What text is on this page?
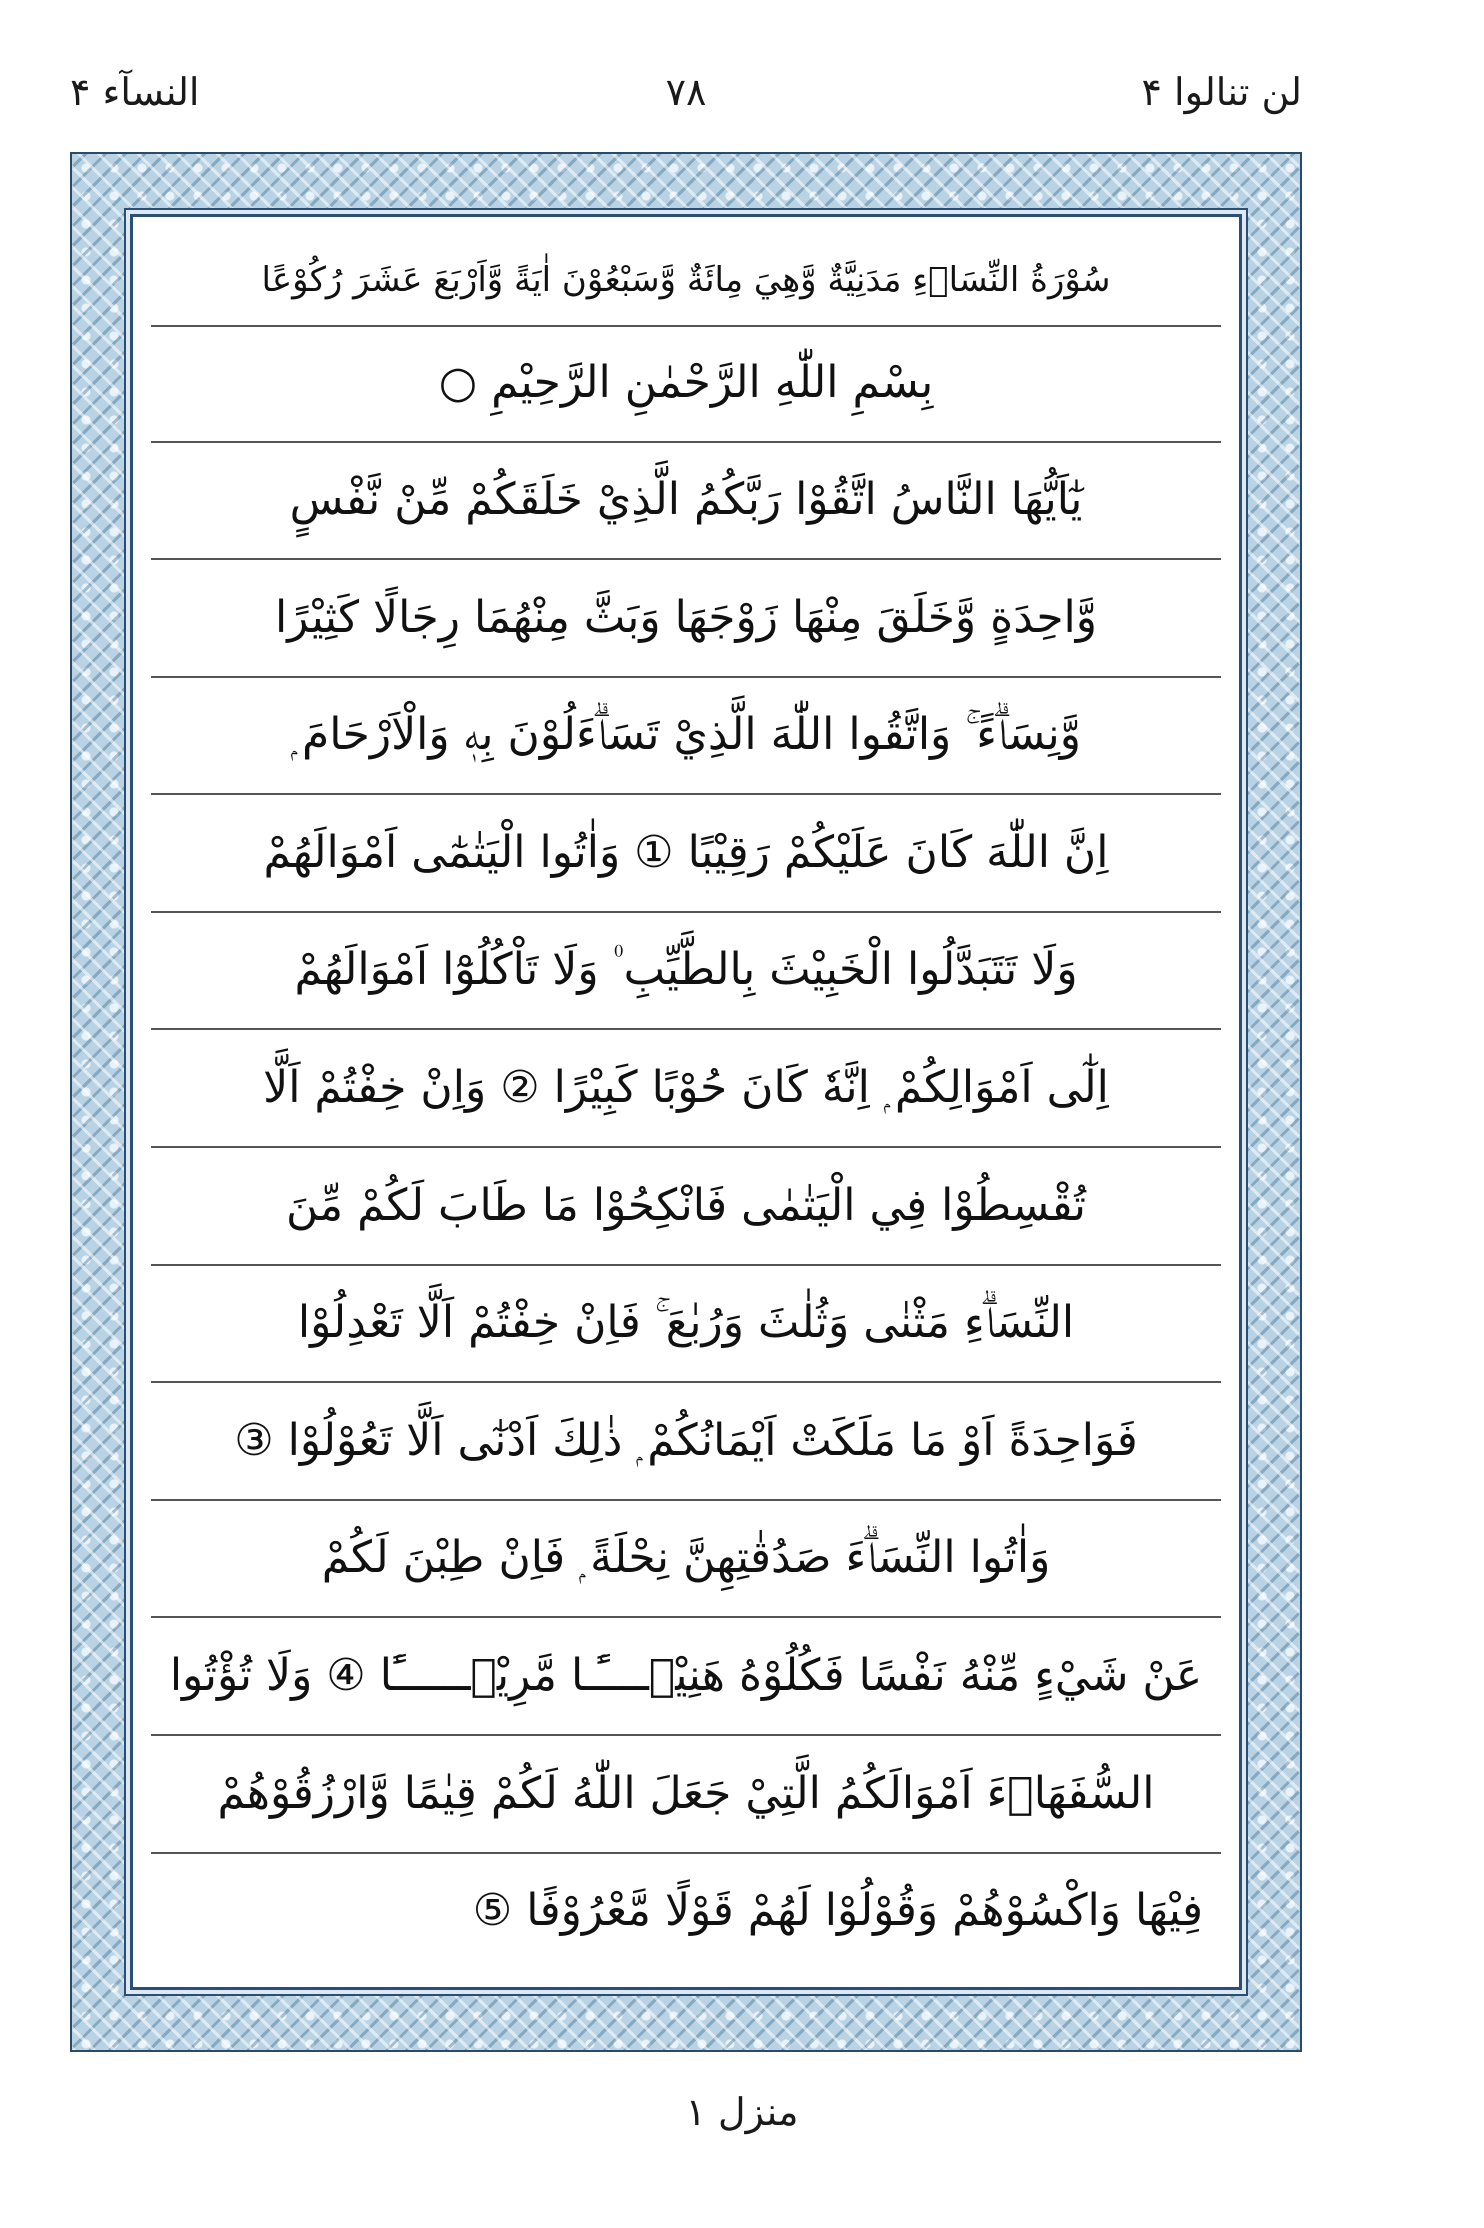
النسآء ۴	۷۸	لن تنالوا ۴
سُوْرَةُ النِّسَاۗءِ مَدَنِيَّةٌ وَّهِيَ مِائَةٌ وَّسَبْعُوْنَ اٰيَةً وَّاَرْبَعَ عَشَرَ رُكُوْعًا
بِسْمِ اللّٰهِ الرَّحْمٰنِ الرَّحِيْمِ ○
يٰٓاَيُّهَا النَّاسُ اتَّقُوْا رَبَّكُمُ الَّذِيْ خَلَقَكُمْ مِّنْ نَّفْسٍ
وَّاحِدَةٍ وَّخَلَقَ مِنْهَا زَوْجَهَا وَبَثَّ مِنْهُمَا رِجَالًا كَثِيْرًا
وَّنِسَاۗءً ۚ وَاتَّقُوا اللّٰهَ الَّذِيْ تَسَاۗءَلُوْنَ بِهٖ وَالْاَرْحَامَ ۭ
اِنَّ اللّٰهَ كَانَ عَلَيْكُمْ رَقِيْبًا ① وَاٰتُوا الْيَتٰمٰٓى اَمْوَالَھُمْ
وَلَا تَتَبَدَّلُوا الْخَبِيْثَ بِالطَّيِّبِ ۠ وَلَا تَاْكُلُوْٓا اَمْوَالَھُمْ
اِلٰٓى اَمْوَالِكُمْ ۭ اِنَّهٗ كَانَ حُوْبًا كَبِيْرًا ② وَاِنْ خِفْتُمْ اَلَّا
تُقْسِطُوْا فِي الْيَتٰمٰى فَانْكِحُوْا مَا طَابَ لَكُمْ مِّنَ
النِّسَاۗءِ مَثْنٰى وَثُلٰثَ وَرُبٰعَ ۚ فَاِنْ خِفْتُمْ اَلَّا تَعْدِلُوْا
فَوَاحِدَةً اَوْ مَا مَلَكَتْ اَيْمَانُكُمْ ۭ ذٰلِكَ اَدْنٰٓى اَلَّا تَعُوْلُوْا ③
وَاٰتُوا النِّسَاۗءَ صَدُقٰتِهِنَّ نِحْلَةً ۭ فَاِنْ طِبْنَ لَكُمْ
عَنْ شَيْءٍ مِّنْهُ نَفْسًا فَكُلُوْهُ هَنِيْۗــــًٔـا مَّرِيْۗــــــًٔا ④ وَلَا تُؤْتُوا
السُّفَهَاۗءَ اَمْوَالَكُمُ الَّتِيْ جَعَلَ اللّٰهُ لَكُمْ قِيٰمًا وَّارْزُقُوْھُمْ
فِيْهَا وَاكْسُوْھُمْ وَقُوْلُوْا لَھُمْ قَوْلًا مَّعْرُوْفًا ⑤
منزل ۱
